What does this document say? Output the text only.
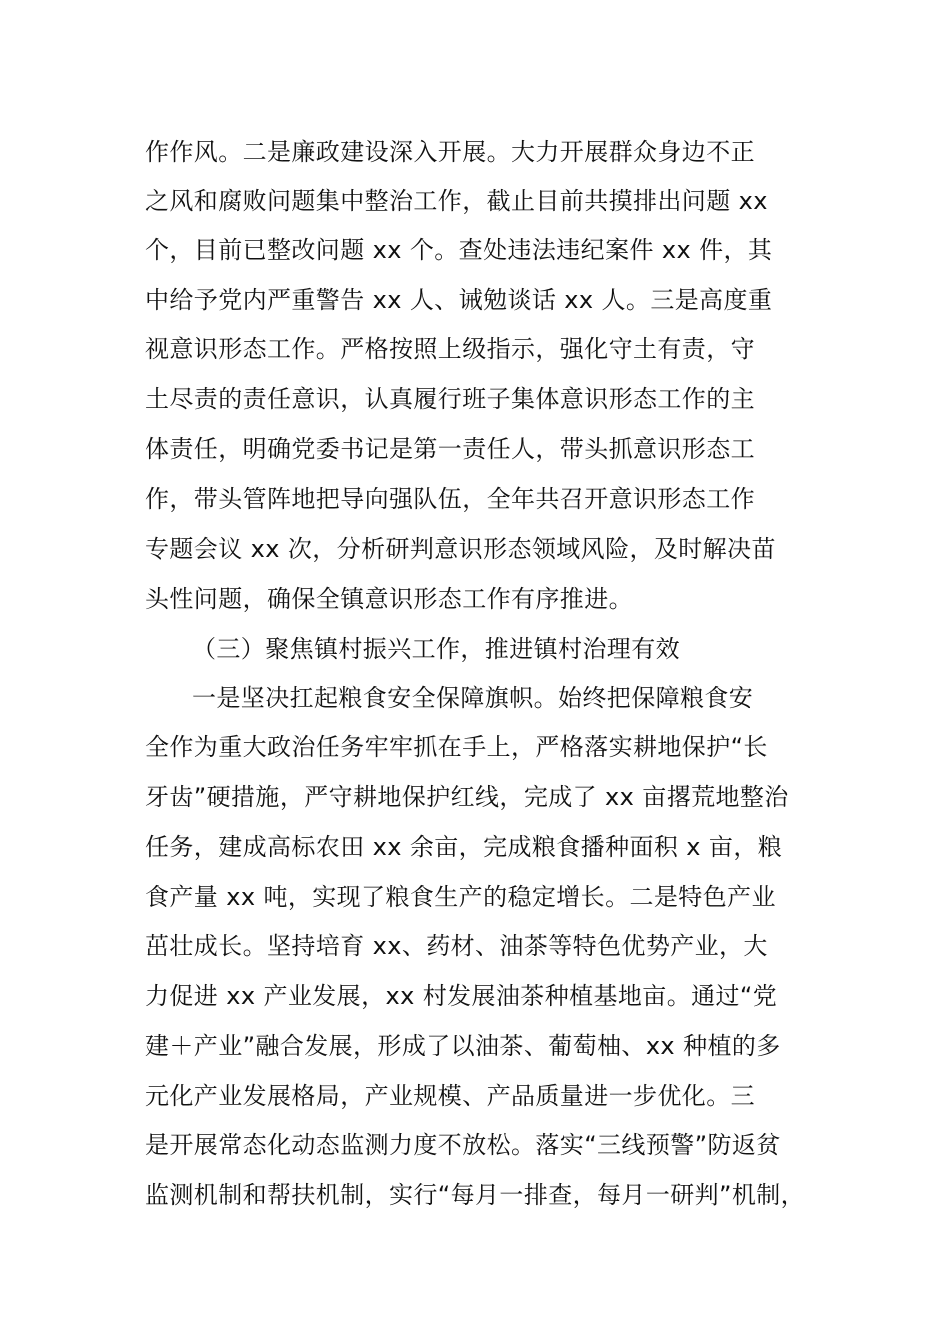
作作风。二是廉政建设深入开展。大力开展群众身边不正
之风和腐败问题集中整治工作，截止目前共摸排出问题 xx
个，目前已整改问题 xx 个。查处违法违纪案件 xx 件，其
中给予党内严重警告 xx 人、诫勉谈话 xx 人。三是高度重
视意识形态工作。严格按照上级指示，强化守土有责，守
土尽责的责任意识，认真履行班子集体意识形态工作的主
体责任，明确党委书记是第一责任人，带头抓意识形态工
作，带头管阵地把导向强队伍，全年共召开意识形态工作
专题会议 xx 次，分析研判意识形态领域风险，及时解决苗
头性问题，确保全镇意识形态工作有序推进。
（三）聚焦镇村振兴工作，推进镇村治理有效
一是坚决扛起粮食安全保障旗帜。始终把保障粮食安
全作为重大政治任务牢牢抓在手上，严格落实耕地保护“长
牙齿”硬措施，严守耕地保护红线，完成了 xx 亩撂荒地整治
任务，建成高标农田 xx 余亩，完成粮食播种面积 x 亩，粮
食产量 xx 吨，实现了粮食生产的稳定增长。二是特色产业
茁壮成长。坚持培育 xx、药材、油茶等特色优势产业，大
力促进 xx 产业发展，xx 村发展油茶种植基地亩。通过“党
建＋产业”融合发展，形成了以油茶、葡萄柚、xx 种植的多
元化产业发展格局，产业规模、产品质量进一步优化。三
是开展常态化动态监测力度不放松。落实“三线预警”防返贫
监测机制和帮扶机制，实行“每月一排查，每月一研判”机制，
